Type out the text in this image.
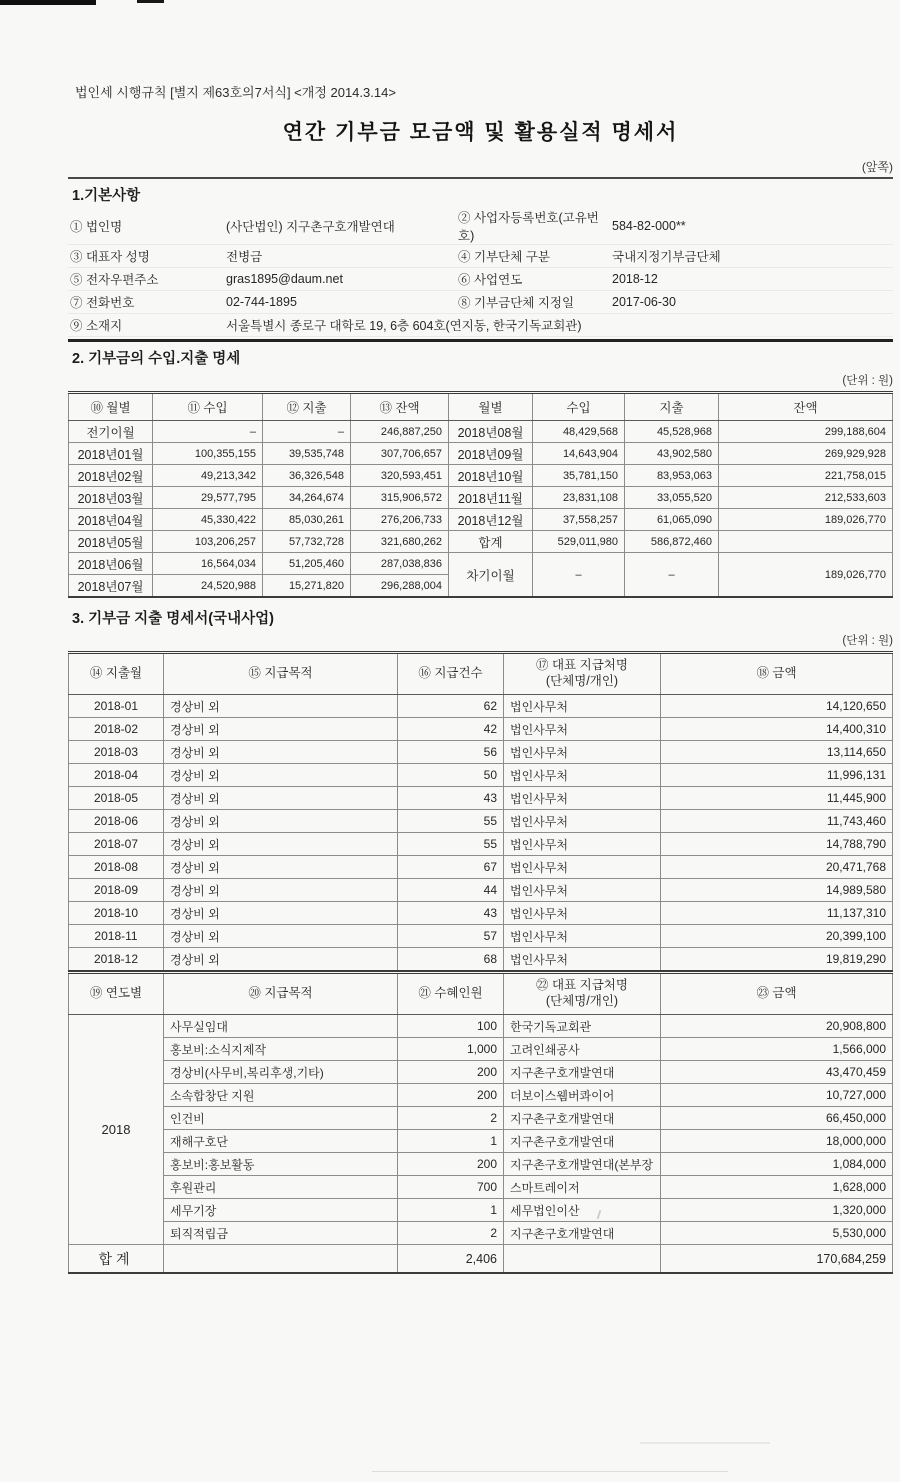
법인세 시행규칙 [별지 제63호의7서식] <개정 2014.3.14>
연간 기부금 모금액 및 활용실적 명세서
(앞쪽)
1.기본사항
① 법인명	(사단법인) 지구촌구호개발연대	② 사업자등록번호(고유번호)	584-82-000**
③ 대표자 성명	전병금	④ 기부단체 구분	국내지정기부금단체
⑤ 전자우편주소	gras1895@daum.net	⑥ 사업연도	2018-12
⑦ 전화번호	02-744-1895	⑧ 기부금단체 지정일	2017-06-30
⑨ 소재지	서울특별시 종로구 대학로 19, 6층 604호(연지동, 한국기독교회관)		
2. 기부금의 수입.지출 명세
(단위 : 원)
⑩ 월별	⑪ 수입	⑫ 지출	⑬ 잔액	월별	수입	지출	잔액
전기이월	–	–	246,887,250	2018년08월	48,429,568	45,528,968	299,188,604
2018년01월	100,355,155	39,535,748	307,706,657	2018년09월	14,643,904	43,902,580	269,929,928
2018년02월	49,213,342	36,326,548	320,593,451	2018년10월	35,781,150	83,953,063	221,758,015
2018년03월	29,577,795	34,264,674	315,906,572	2018년11월	23,831,108	33,055,520	212,533,603
2018년04월	45,330,422	85,030,261	276,206,733	2018년12월	37,558,257	61,065,090	189,026,770
2018년05월	103,206,257	57,732,728	321,680,262	합계	529,011,980	586,872,460	
2018년06월	16,564,034	51,205,460	287,038,836	차기이월	–	–	189,026,770
2018년07월	24,520,988	15,271,820	296,288,004				
3. 기부금 지출 명세서(국내사업)
(단위 : 원)
⑭ 지출월	⑮ 지급목적	⑯ 지급건수	⑰ 대표 지급처명
(단체명/개인)	⑱ 금액
2018-01	경상비 외	62	법인사무처	14,120,650
2018-02	경상비 외	42	법인사무처	14,400,310
2018-03	경상비 외	56	법인사무처	13,114,650
2018-04	경상비 외	50	법인사무처	11,996,131
2018-05	경상비 외	43	법인사무처	11,445,900
2018-06	경상비 외	55	법인사무처	11,743,460
2018-07	경상비 외	55	법인사무처	14,788,790
2018-08	경상비 외	67	법인사무처	20,471,768
2018-09	경상비 외	44	법인사무처	14,989,580
2018-10	경상비 외	43	법인사무처	11,137,310
2018-11	경상비 외	57	법인사무처	20,399,100
2018-12	경상비 외	68	법인사무처	19,819,290
⑲ 연도별	⑳ 지급목적	㉑ 수혜인원	㉒ 대표 지급처명
(단체명/개인)	㉓ 금액
2018	사무실임대	100	한국기독교회관	20,908,800
	홍보비:소식지제작	1,000	고려인쇄공사	1,566,000
	경상비(사무비,복리후생,기타)	200	지구촌구호개발연대	43,470,459
	소속합창단 지원	200	더보이스웸버콰이어	10,727,000
	인건비	2	지구촌구호개발연대	66,450,000
	재해구호단	1	지구촌구호개발연대	18,000,000
	홍보비:홍보활동	200	지구촌구호개발연대(본부장	1,084,000
	후원관리	700	스마트레이저	1,628,000
	세무기장	1	세무법인이산	1,320,000
	퇴직적립금	2	지구촌구호개발연대	5,530,000
합계		2,406		170,684,259
